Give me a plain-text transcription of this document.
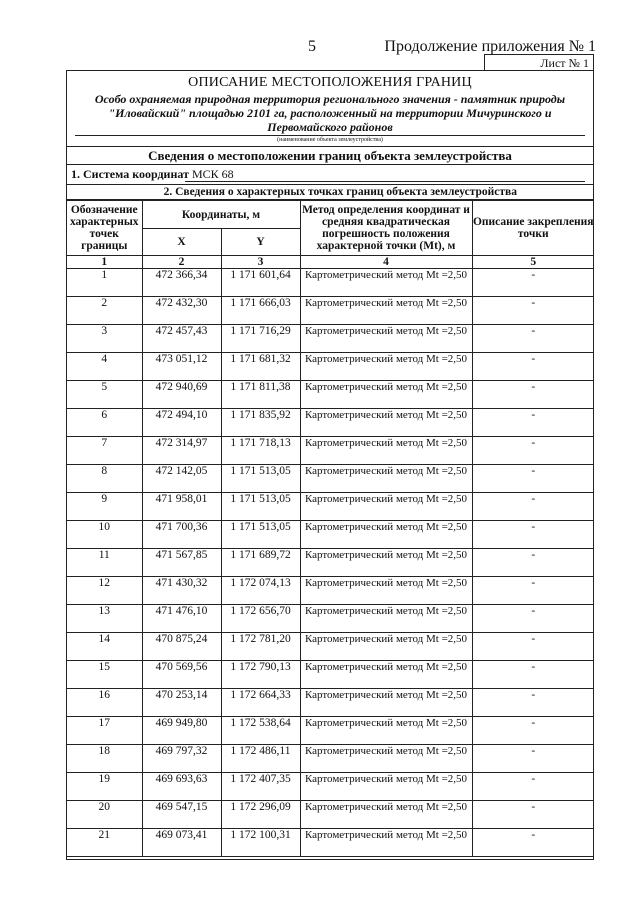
5	Продолжение приложения № 1
Лист № 1
ОПИСАНИЕ МЕСТОПОЛОЖЕНИЯ ГРАНИЦ
Особо охраняемая природная территория регионального значения - памятник природы "Иловайский" площадью 2101 га, расположенный на территории Мичуринского и Первомайского районов
(наименование объекта землеустройства)
Сведения о местоположении границ объекта землеустройства
1. Система координат МСК 68
2. Сведения о характерных точках границ объекта землеустройства
Обозначение характерных точек границы	Координаты, м		Метод определения координат и средняя квадратическая погрешность положения характерной точки (Mt), м	Описание закрепления точки
	X	Y		
1	2	3	4	5
1	472 366,34	1 171 601,64	Картометрический метод Mt =2,50	-
2	472 432,30	1 171 666,03	Картометрический метод Mt =2,50	-
3	472 457,43	1 171 716,29	Картометрический метод Mt =2,50	-
4	473 051,12	1 171 681,32	Картометрический метод Mt =2,50	-
5	472 940,69	1 171 811,38	Картометрический метод Mt =2,50	-
6	472 494,10	1 171 835,92	Картометрический метод Mt =2,50	-
7	472 314,97	1 171 718,13	Картометрический метод Mt =2,50	-
8	472 142,05	1 171 513,05	Картометрический метод Mt =2,50	-
9	471 958,01	1 171 513,05	Картометрический метод Mt =2,50	-
10	471 700,36	1 171 513,05	Картометрический метод Mt =2,50	-
11	471 567,85	1 171 689,72	Картометрический метод Mt =2,50	-
12	471 430,32	1 172 074,13	Картометрический метод Mt =2,50	-
13	471 476,10	1 172 656,70	Картометрический метод Mt =2,50	-
14	470 875,24	1 172 781,20	Картометрический метод Mt =2,50	-
15	470 569,56	1 172 790,13	Картометрический метод Mt =2,50	-
16	470 253,14	1 172 664,33	Картометрический метод Mt =2,50	-
17	469 949,80	1 172 538,64	Картометрический метод Mt =2,50	-
18	469 797,32	1 172 486,11	Картометрический метод Mt =2,50	-
19	469 693,63	1 172 407,35	Картометрический метод Mt =2,50	-
20	469 547,15	1 172 296,09	Картометрический метод Mt =2,50	-
21	469 073,41	1 172 100,31	Картометрический метод Mt =2,50	-
